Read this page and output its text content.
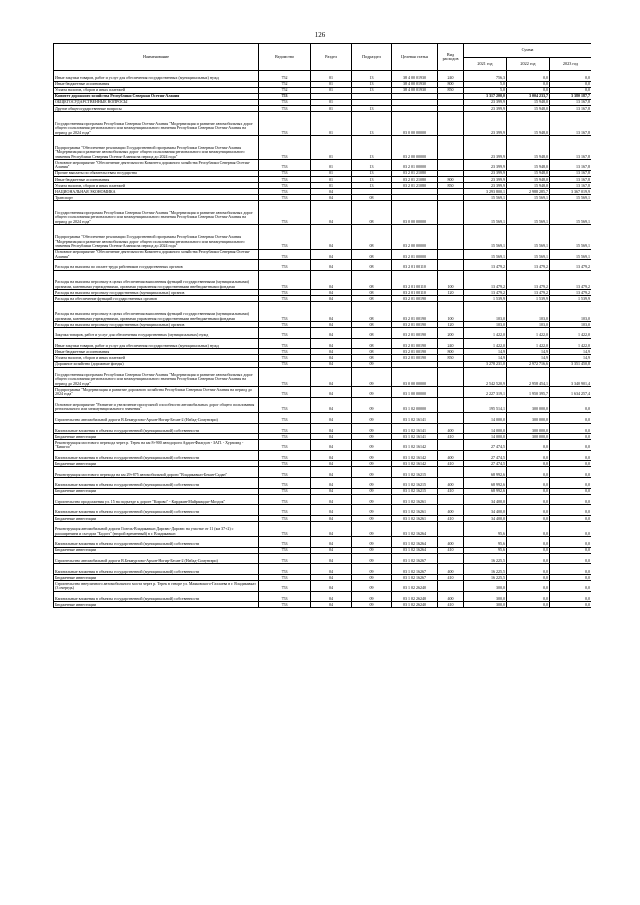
126
Наименование	Ведомство	Раздел	Подраздел	Целевая статья	Вид расходов	Сумма		
						2021 год	2022 год	2023 год
Иные закупки товаров, работ и услуг для обеспечения государственных (муниципальных) нужд	752	01	13	38 4 00 01930	240	756,3	0,0	0,0
Иные бюджетные ассигнования	752	01	13	38 4 00 01930	800	5,0	0,0	0,0
Уплата налогов, сборов и иных платежей	752	01	13	38 4 00 01930	850	5,0	0,0	0,0
Комитет дорожного хозяйства Республики Северная Осетия-Алания	753					3 317 200,0	3 004 233,7	3 380 187,7
ОБЩЕГОСУДАРСТВЕННЫЕ ВОПРОСЫ	753	01				23 399,9	15 948,0	13 167,8
Другие общегосударственные вопросы	753	01	13			23 399,9	15 948,0	13 167,8
Государственная программа Республики Северная Осетия-Алания "Модернизация и развитие автомобильных дорог общего пользования регионального или межмуниципального значения Республики Северная Осетия-Алания на период до 2024 года"	753	01	13	03 0 00 00000		23 399,9	15 948,0	13 167,8
Подпрограмма "Обеспечение реализации Государственной программы Республики Северная Осетия-Алания "Модернизация и развитие автомобильных дорог общего пользования регионального или межмуниципального значения Республики Северная Осетия-Алания на период до 2024 года"	753	01	13	03 2 00 00000		23 399,9	15 948,0	13 167,8
Основное мероприятие "Обеспечение деятельности Комитета дорожного хозяйства Республики Северная Осетия-Алания"	753	01	13	03 2 01 00000		23 399,9	15 948,0	13 167,8
Прочие выплаты по обязательствам государства	753	01	13	03 2 01 21080		23 399,9	15 948,0	13 167,8
Иные бюджетные ассигнования	753	01	13	03 2 01 21080	800	23 399,9	15 948,0	13 167,8
Уплата налогов, сборов и иных платежей	753	01	13	03 2 01 21080	850	23 399,9	15 948,0	13 167,8
НАЦИОНАЛЬНАЯ ЭКОНОМИКА	753	04				3 293 800,1	2 988 285,7	3 367 019,9
Транспорт	753	04	08			15 569,1	15 569,1	15 569,1
Государственная программа Республики Северная Осетия-Алания "Модернизация и развитие автомобильных дорог общего пользования регионального или межмуниципального значения Республики Северная Осетия-Алания на период до 2024 года"	753	04	08	03 0 00 00000		15 569,1	15 569,1	15 569,1
Подпрограмма "Обеспечение реализации Государственной программы Республики Северная Осетия-Алания "Модернизация и развитие автомобильных дорог общего пользования регионального или межмуниципального значения Республики Северная Осетия-Алания на период до 2024 года"	753	04	08	03 2 00 00000		15 569,1	15 569,1	15 569,1
Основное мероприятие "Обеспечение деятельности Комитета дорожного хозяйства Республики Северная Осетия-Алания"	753	04	08	03 2 01 00000		15 569,1	15 569,1	15 569,1
Расходы на выплаты по оплате труда работников государственных органов	753	04	08	03 2 01 00110		13 479,2	13 479,2	13 479,2
Расходы на выплаты персоналу в целях обеспечения выполнения функций государственными (муниципальными) органами, казенными учреждениями, органами управления государственными внебюджетными фондами	753	04	08	03 2 01 00110	100	13 479,2	13 479,2	13 479,2
Расходы на выплаты персоналу государственных (муниципальных) органов	753	04	08	03 2 01 00110	120	13 479,2	13 479,2	13 479,2
Расходы на обеспечение функций государственных органов	753	04	08	03 2 01 00190		1 539,9	1 539,9	1 539,9
Расходы на выплаты персоналу в целях обеспечения выполнения функций государственными (муниципальными) органами, казенными учреждениями, органами управления государственными внебюджетными фондами	753	04	08	03 2 01 00190	100	103,0	103,0	103,0
Расходы на выплаты персоналу государственных (муниципальных) органов	753	04	08	03 2 01 00190	120	103,0	103,0	103,0
Закупка товаров, работ и услуг для обеспечения государственных (муниципальных) нужд	753	04	08	03 2 01 00190	200	1 422,0	1 422,0	1 422,0
Иные закупки товаров, работ и услуг для обеспечения государственных (муниципальных) нужд	753	04	08	03 2 01 00190	240	1 422,0	1 422,0	1 422,0
Иные бюджетные ассигнования	753	04	08	03 2 01 00190	800	14,9	14,9	14,9
Уплата налогов, сборов и иных платежей	753	04	08	03 2 01 00190	850	14,9	14,9	14,9
Дорожное хозяйство (дорожные фонды)	753	04	09			3 278 231,0	2 972 716,6	3 351 450,8
Государственная программа Республики Северная Осетия-Алания "Модернизация и развитие автомобильных дорог общего пользования регионального или межмуниципального значения Республики Северная Осетия-Алания на период до 2024 года"	753	04	09	03 0 00 00000		2 542 520,9	2 958 454,1	3 340 901,4
Подпрограмма "Модернизация и развитие дорожного хозяйства Республики Северная Осетия-Алания на период до 2024 года"	753	04	09	03 1 00 00000		2 227 319,1	1 950 395,7	1 634 257,4
Основное мероприятие "Развитие и увеличение пропускной способности автомобильных дорог общего пользования регионального или межмуниципального значения"	753	04	09	03 1 02 00000		195 514,1	300 000,0	0,0
Строительство автомобильной дороги В.Бекмурзово-Архон-Ногир-Бесан-2 (Набад-Сомунгари)	753	04	09	03 1 02 16141		14 000,0	300 000,0	0,0
Капитальные вложения в объекты государственной (муниципальной) собственности	753	04	09	03 1 02 16141	400	14 000,0	300 000,0	0,0
Бюджетные инвестиции	753	04	09	03 1 02 16141	410	14 000,0	300 000,0	0,0
Реконструкция мостового перехода через р. Терек на км 8+900 автодороги Ардон-Фиагдон - ЗАП. - Хурзиэвд - "Бишгоо"	753	04	09	03 1 02 16142		27 474,5	0,0	0,0
Капитальные вложения в объекты государственной (муниципальной) собственности	753	04	09	03 1 02 16142	400	27 474,5	0,0	0,0
Бюджетные инвестиции	753	04	09	03 1 02 16142	410	27 474,5	0,0	0,0
Реконструкция мостового перехода на км 29+875 автомобильной дороги "Владикавказ-Бекан-Садан"	753	04	09	03 1 02 16215		68 992,6	0,0	0,0
Капитальные вложения в объекты государственной (муниципальной) собственности	753	04	09	03 1 02 16215	400	68 992,6	0,0	0,0
Бюджетные инвестиции	753	04	09	03 1 02 16215	410	68 992,6	0,0	0,0
Строительство продолжения ул. 15 на подъезде к дороге "Кирово" - Карджин-Майрамадаг-Моздок"	753	04	09	03 1 02 16261		34 400,0	0,0	0,0
Капитальные вложения в объекты государственной (муниципальной) собственности	753	04	09	03 1 02 16261	400	34 400,0	0,0	0,0
Бюджетные инвестиции	753	04	09	03 1 02 16261	410	34 400,0	0,0	0,0
Реконструкция автомобильной дороги Гизель-Владикавказ Даргавс-Даргавс на участке от 11 (км 37+2) с расширением и съездом "Бодэгэ" (второй временный) в г. Владикавказ	753	04	09	03 1 02 16264		95,6	0,0	0,0
Капитальные вложения в объекты государственной (муниципальной) собственности	753	04	09	03 1 02 16264	400	95,6	0,0	0,0
Бюджетные инвестиции	753	04	09	03 1 02 16264	410	95,6	0,0	0,0
Строительство автомобильной дороги В.Бекмурзово-Архон-Ногир-Бесан-2 (Набад-Сомунгари)	753	04	09	03 1 02 16267		16 225,5	0,0	0,0
Капитальные вложения в объекты государственной (муниципальной) собственности	753	04	09	03 1 02 16267	400	16 225,5	0,0	0,0
Бюджетные инвестиции	753	04	09	03 1 02 16267	410	16 225,5	0,0	0,0
Строительство внеуличного автомобильного моста через р. Терек в створе ул. Маяковского-Галлаева в г. Владикавказ (3 очередь)	753	04	09	03 1 02 26240		300,0	0,0	0,0
Капитальные вложения в объекты государственной (муниципальной) собственности	753	04	09	03 1 02 26240	400	300,0	0,0	0,0
Бюджетные инвестиции	753	04	09	03 1 02 26240	410	300,0	0,0	0,0
